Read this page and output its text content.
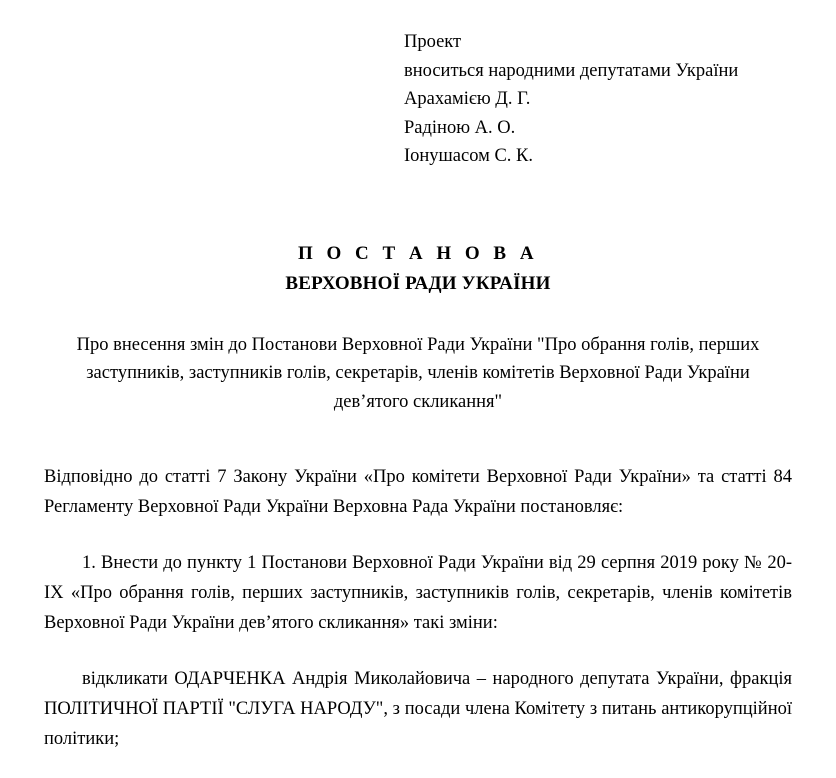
Проект
вноситься народними депутатами України
Арахамією Д. Г.
Радіною А. О.
Іонушасом С. К.
П О С Т А Н О В А
ВЕРХОВНОЇ РАДИ УКРАЇНИ
Про внесення змін до Постанови Верховної Ради України "Про обрання голів, перших заступників, заступників голів, секретарів, членів комітетів Верховної Ради України дев’ятого скликання"

Відповідно до статті 7 Закону України «Про комітети Верховної Ради України» та статті 84 Регламенту Верховної Ради України Верховна Рада України постановляє:

1. Внести до пункту 1 Постанови Верховної Ради України від 29 серпня 2019 року № 20-IX «Про обрання голів, перших заступників, заступників голів, секретарів, членів комітетів Верховної Ради України дев’ятого скликання» такі зміни:

відкликати ОДАРЧЕНКА Андрія Миколайовича – народного депутата України, фракція ПОЛІТИЧНОЇ ПАРТІЇ "СЛУГА НАРОДУ", з посади члена Комітету з питань антикорупційної політики;
